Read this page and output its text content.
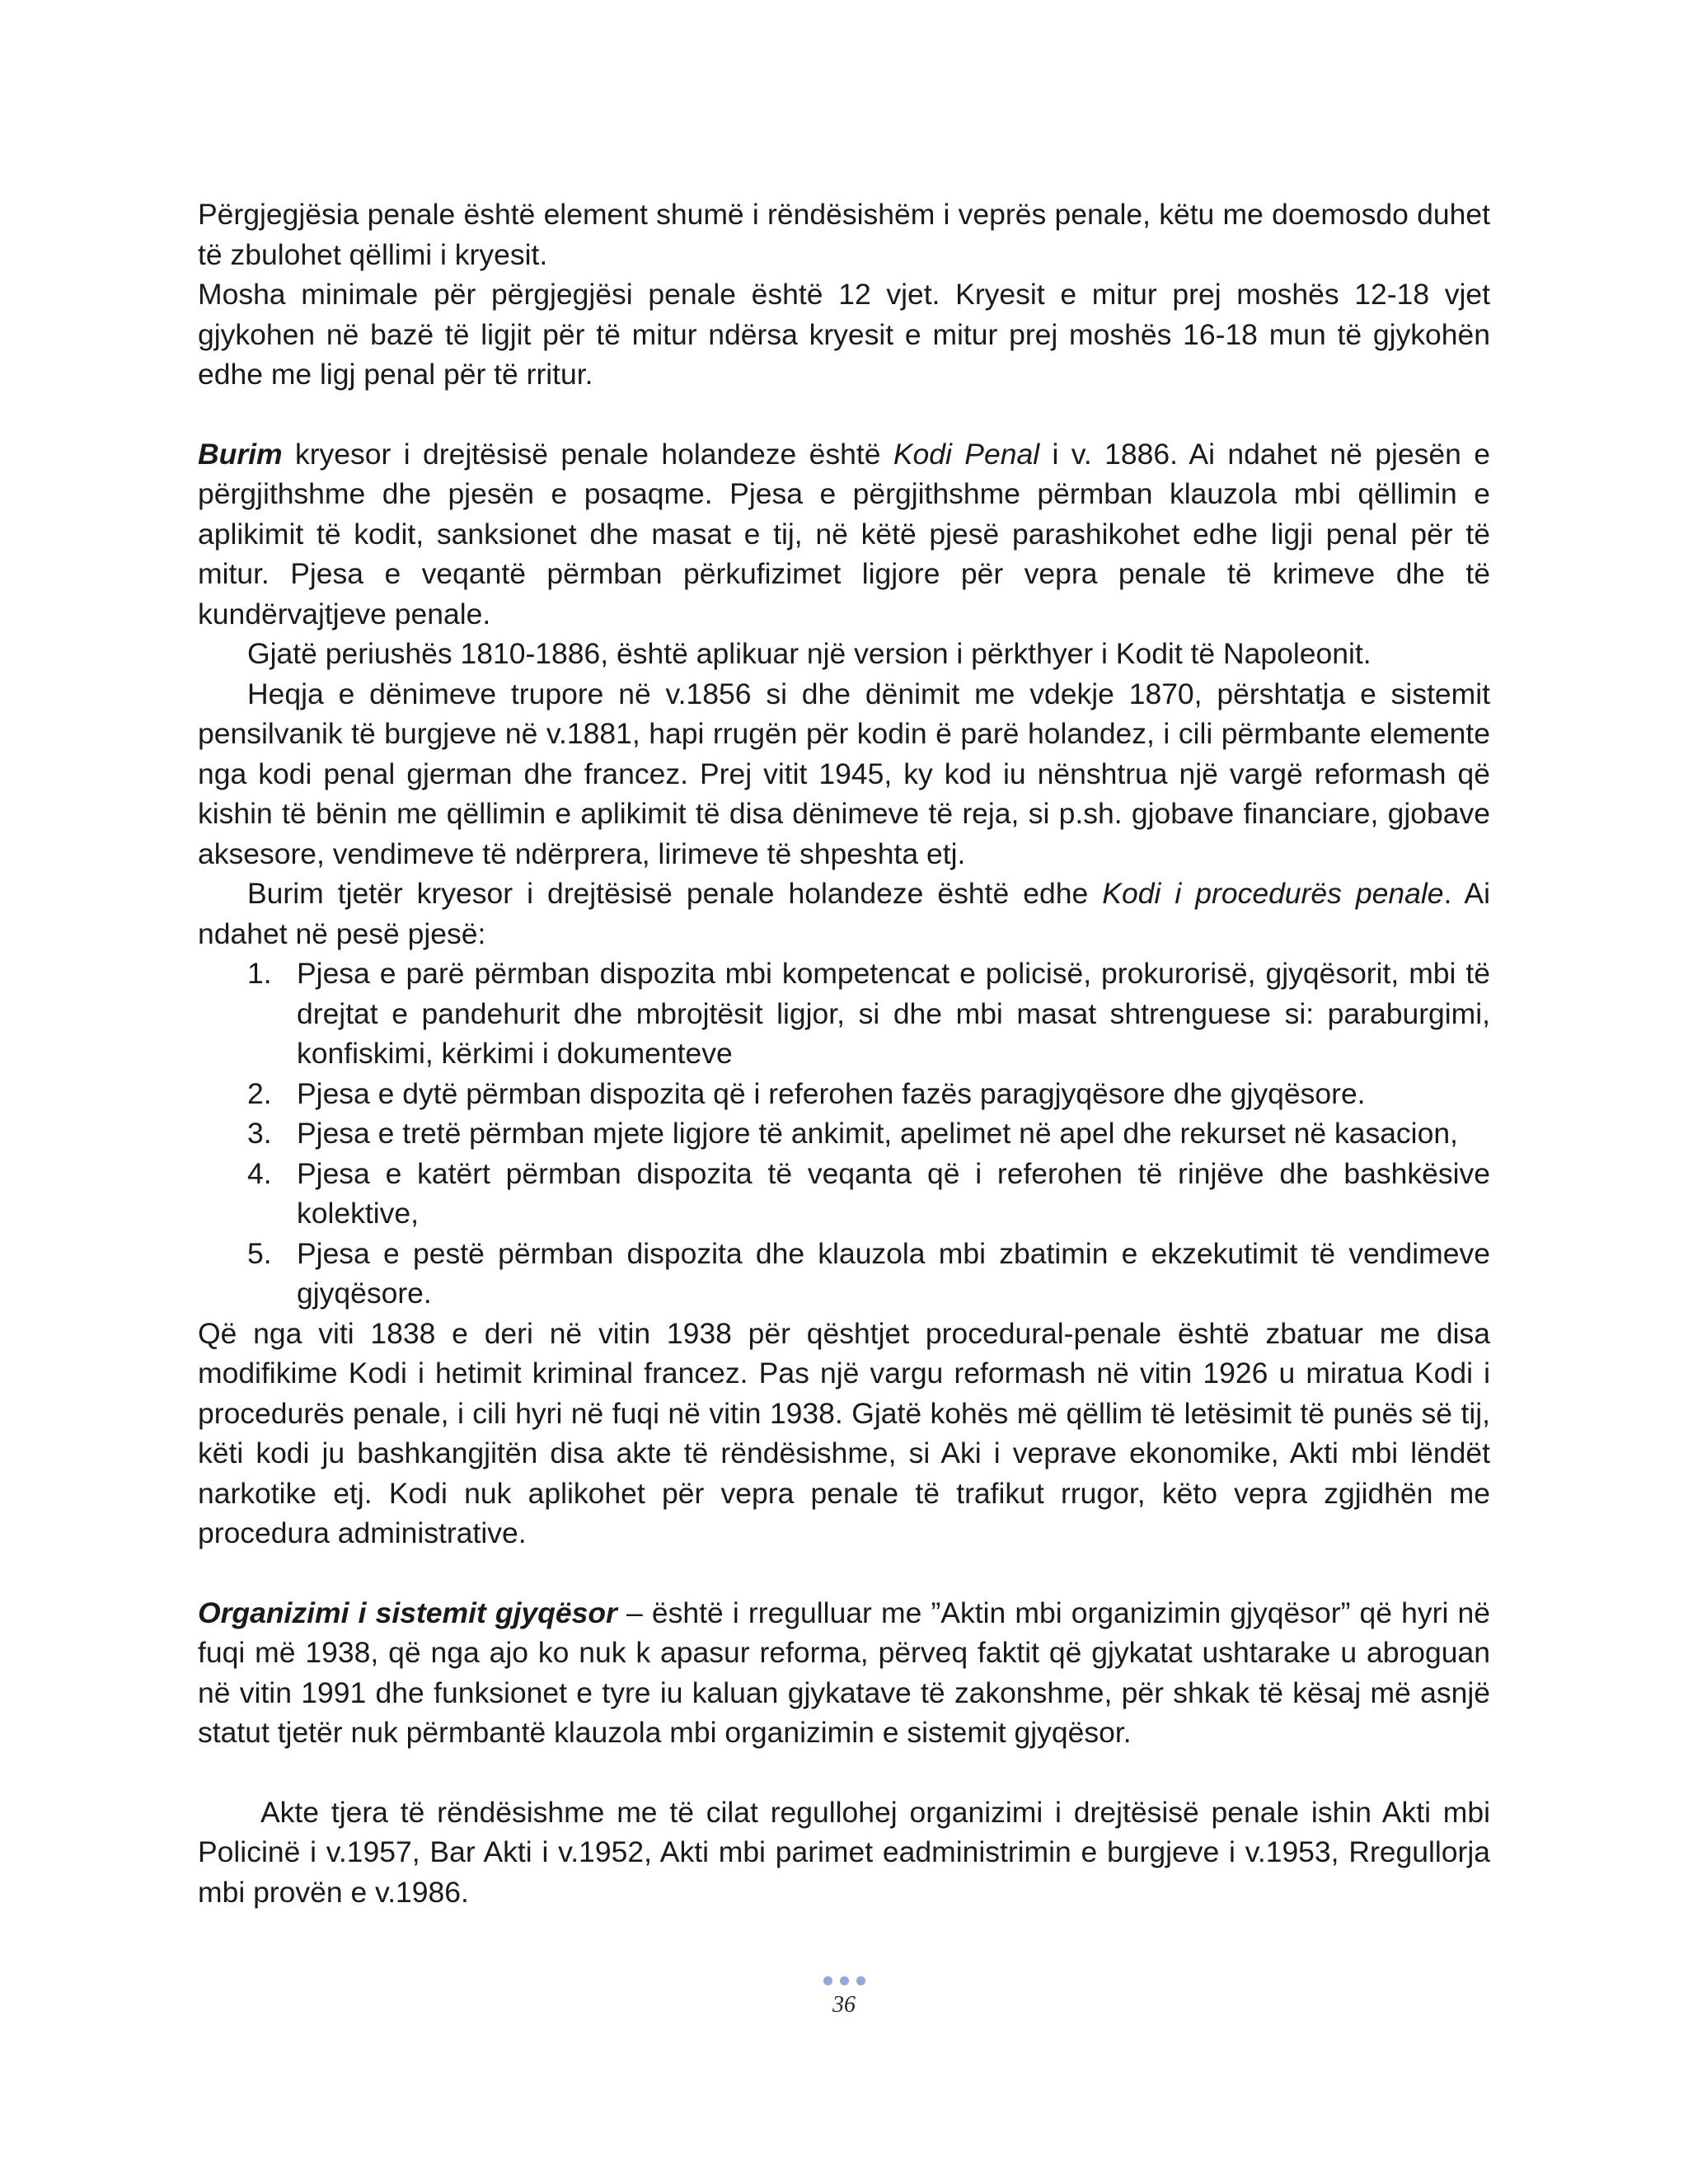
Përgjegjësia penale është element shumë i rëndësishëm i veprës penale, këtu me doemosdo duhet të zbulohet qëllimi i kryesit.

Mosha minimale për përgjegjësi penale është 12 vjet. Kryesit e mitur prej moshës 12-18 vjet gjykohen në bazë të ligjit për të mitur ndërsa kryesit e mitur prej moshës 16-18 mun të gjykohën edhe me ligj penal për të rritur.

Burim kryesor i drejtësisë penale holandeze është Kodi Penal i v. 1886. Ai ndahet në pjesën e përgjithshme dhe pjesën e posaqme. Pjesa e përgjithshme përmban klauzola mbi qëllimin e aplikimit të kodit, sanksionet dhe masat e tij, në këtë pjesë parashikohet edhe ligji penal për të mitur. Pjesa e veqantë përmban përkufizimet ligjore për vepra penale të krimeve dhe të kundërvajtjeve penale.

Gjatë periushës 1810-1886, është aplikuar një version i përkthyer i Kodit të Napoleonit.

Heqja e dënimeve trupore në v.1856 si dhe dënimit me vdekje 1870, përshtatja e sistemit pensilvanik të burgjeve në v.1881, hapi rrugën për kodin ë parë holandez, i cili përmbante elemente nga kodi penal gjerman dhe francez. Prej vitit 1945, ky kod iu nënshtrua një vargë reformash që kishin të bënin me qëllimin e aplikimit të disa dënimeve të reja, si p.sh. gjobave financiare, gjobave aksesore, vendimeve të ndërprera, lirimeve të shpeshta etj.

Burim tjetër kryesor i drejtësisë penale holandeze është edhe Kodi i procedurës penale. Ai ndahet në pesë pjesë:

1. Pjesa e parë përmban dispozita mbi kompetencat e policisë, prokurorisë, gjyqësorit, mbi të drejtat e pandehurit dhe mbrojtësit ligjor, si dhe mbi masat shtrenguese si: paraburgimi, konfiskimi, kërkimi i dokumenteve
2. Pjesa e dytë përmban dispozita që i referohen fazës paragjyqësore dhe gjyqësore.
3. Pjesa e tretë përmban mjete ligjore të ankimit, apelimet në apel dhe rekurset në kasacion,
4. Pjesa e katërt përmban dispozita të veqanta që i referohen të rinjëve dhe bashkësive kolektive,
5. Pjesa e pestë përmban dispozita dhe klauzola mbi zbatimin e ekzekutimit të vendimeve gjyqësore.

Që nga viti 1838 e deri në vitin 1938 për qështjet procedural-penale është zbatuar me disa modifikime Kodi i hetimit kriminal francez. Pas një vargu reformash në vitin 1926 u miratua Kodi i procedurës penale, i cili hyri në fuqi në vitin 1938. Gjatë kohës më qëllim të letësimit të punës së tij, këti kodi ju bashkangjitën disa akte të rëndësishme, si Aki i veprave ekonomike, Akti mbi lëndët narkotike etj. Kodi nuk aplikohet për vepra penale të trafikut rrugor, këto vepra zgjidhën me procedura administrative.

Organizimi i sistemit gjyqësor – është i rregulluar me ”Aktin mbi organizimin gjyqësor” që hyri në fuqi më 1938, që nga ajo ko nuk k apasur reforma, përveq faktit që gjykatat ushtarake u abroguan në vitin 1991 dhe funksionet e tyre iu kaluan gjykatave të zakonshme, për shkak të kësaj më asnjë statut tjetër nuk përmbantë klauzola mbi organizimin e sistemit gjyqësor.

Akte tjera të rëndësishme me të cilat regullohej organizimi i drejtësisë penale ishin Akti mbi Policinë i v.1957, Bar Akti i v.1952, Akti mbi parimet eadministrimin e burgjeve i v.1953, Rregullorja mbi provën e v.1986.

36
